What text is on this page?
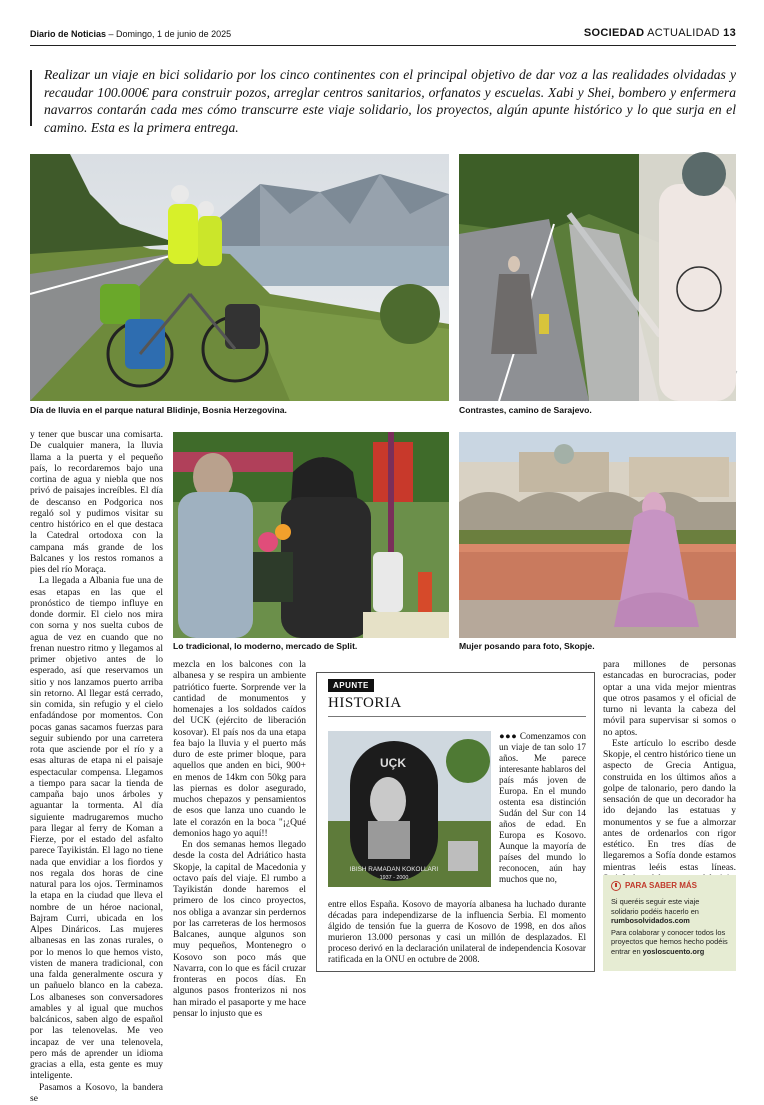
Diario de Noticias – Domingo, 1 de junio de 2025	SOCIEDAD ACTUALIDAD 13

Realizar un viaje en bici solidario por los cinco continentes con el principal objetivo de dar voz a las realidades olvidadas y recaudar 100.000€ para construir pozos, arreglar centros sanitarios, orfanatos y escuelas. Xabi y Shei, bombero y enfermera navarros contarán cada mes cómo transcurre este viaje solidario, los proyectos, algún apunte histórico y lo que surja en el camino. Esta es la primera entrega.

Día de lluvia en el parque natural Blidinje, Bosnia Herzegovina.	Contrastes, camino de Sarajevo.

y tener que buscar una comisarta. De cualquier manera, la lluvia llama a la puerta y el pequeño país, lo recordaremos bajo una cortina de agua y niebla que nos privó de paisajes increíbles. El día de descanso en Podgorica nos regaló sol y pudimos visitar su centro histórico en el que destaca la Catedral ortodoxa con la campana más grande de los Balcanes y los restos romanos a pies del río Moraça.

La llegada a Albania fue una de esas etapas en las que el pronóstico de tiempo influye en donde dormir. El cielo nos mira con sorna y nos suelta cubos de agua de vez en cuando que no frenan nuestro ritmo y llegamos al primer objetivo antes de lo esperado, así que reservamos un sitio y nos lanzamos puerto arriba sin retorno. Al llegar está cerrado, sin comida, sin refugio y el cielo enfadándose por momentos. Con pocas ganas sacamos fuerzas para seguir subiendo por una carretera rota que asciende por el río y a esas alturas de etapa ni el paisaje espectacular compensa. Llegamos a tiempo para sacar la tienda de campaña bajo unos árboles y aguantar la tormenta. Al día siguiente madrugaremos mucho para llegar al ferry de Koman a Fierze, por el estado del asfalto parece Tayikistán. El lago no tiene nada que envidiar a los fiordos y nos regala dos horas de cine natural para los ojos. Terminamos la etapa en la ciudad que lleva el nombre de un héroe nacional, Bajram Curri, ubicada en los Alpes Dináricos. Las mujeres albanesas en las zonas rurales, o por lo menos lo que hemos visto, visten de manera tradicional, con una falda generalmente oscura y un pañuelo blanco en la cabeza. Los albaneses son conversadores amables y al igual que muchos balcánicos, saben algo de español por las telenovelas. Me veo incapaz de ver una telenovela, pero más de aprender un idioma gracias a ella, esta gente es muy inteligente.

Pasamos a Kosovo, la bandera se

Lo tradicional, lo moderno, mercado de Split.	Mujer posando para foto, Skopje.

mezcla en los balcones con la albanesa y se respira un ambiente patriótico fuerte. Sorprende ver la cantidad de monumentos y homenajes a los soldados caídos del UCK (ejército de liberación kosovar). El país nos da una etapa fea bajo la lluvia y el puerto más duro de este primer bloque, para aquellos que anden en bici, 900+ en menos de 14km con 50kg para las piernas es dolor asegurado, muchos chepazos y pensamientos de esos que lanza uno cuando le late el corazón en la boca "¡¿Qué demonios hago yo aquí!!

En dos semanas hemos llegado desde la costa del Adriático hasta Skopje, la capital de Macedonia y octavo país del viaje. El rumbo a Tayikistán donde haremos el primero de los cinco proyectos, nos obliga a avanzar sin perdernos por las carreteras de los hermosos Balcanes, aunque algunos son muy pequeños, Montenegro o Kosovo son poco más que Navarra, con lo que es fácil cruzar fronteras en pocos días. En algunos pasos fronterizos ni nos han mirado el pasaporte y me hace pensar lo injusto que es

APUNTE
HISTORIA
UÇK
IBISH RAMADAN KOKOLLARI
1937 - 2000

●●● Comenzamos con un viaje de tan solo 17 años. Me parece interesante hablaros del país más joven de Europa. En el mundo ostenta esa distinción Sudán del Sur con 14 años de edad. En Europa es Kosovo. Aunque la mayoría de países del mundo lo reconocen, aún hay muchos que no,

entre ellos España. Kosovo de mayoría albanesa ha luchado durante décadas para independizarse de la influencia Serbia. El momento álgido de tensión fue la guerra de Kosovo de 1998, en dos años murieron 13.000 personas y casi un millón de desplazados. El proceso derivó en la declaración unilateral de independencia Kosovar ratificada en la ONU en octubre de 2008.

para millones de personas estancadas en burocracias, poder optar a una vida mejor mientras que otros pasamos y el oficial de turno ni levanta la cabeza del móvil para supervisar si somos o no aptos.

Este artículo lo escribo desde Skopje, el centro histórico tiene un aspecto de Grecia Antigua, construida en los últimos años a golpe de talonario, pero dando la sensación de que un decorador ha ido dejando las estatuas y monumentos y se fue a almorzar antes de ordenarlos con rigor estético. En tres días de llegaremos a Sofía donde estamos mientras leéis estas líneas.

PARA SABER MÁS

Si queréis seguir este viaje solidario podéis hacerlo en rumbosolvidados.com

Para colaborar y conocer todos los proyectos que hemos hecho podéis entrar en yosloscuento.org
